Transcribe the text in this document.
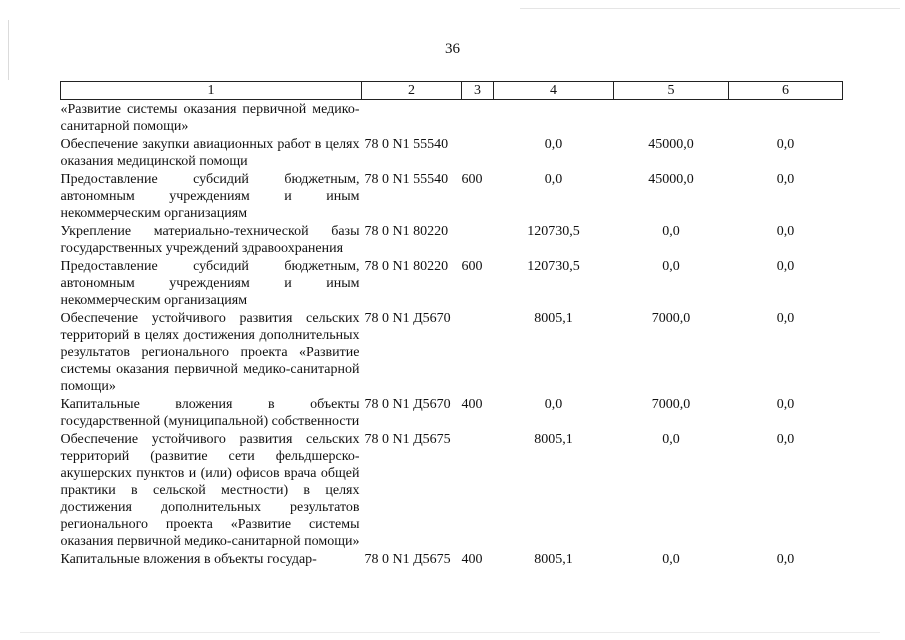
36
1	2	3	4	5	6
«Развитие системы оказания первичной медико-санитарной помощи»					
Обеспечение закупки авиационных работ в целях оказания медицинской помощи	78 0 N1 55540		0,0	45000,0	0,0
Предоставление субсидий бюджетным, автономным учреждениям и иным некоммерческим организациям	78 0 N1 55540	600	0,0	45000,0	0,0
Укрепление материально-технической базы государственных учреждений здравоохранения	78 0 N1 80220		120730,5	0,0	0,0
Предоставление субсидий бюджетным, автономным учреждениям и иным некоммерческим организациям	78 0 N1 80220	600	120730,5	0,0	0,0
Обеспечение устойчивого развития сельских территорий в целях достижения дополнительных результатов регионального проекта «Развитие системы оказания первичной медико-санитарной помощи»	78 0 N1 Д5670		8005,1	7000,0	0,0
Капитальные вложения в объекты государственной (муниципальной) собственности	78 0 N1 Д5670	400	0,0	7000,0	0,0
Обеспечение устойчивого развития сельских территорий (развитие сети фельдшерско-акушерских пунктов и (или) офисов врача общей практики в сельской местности) в целях достижения дополнительных результатов регионального проекта «Развитие системы оказания первичной медико-санитарной помощи»	78 0 N1 Д5675		8005,1	0,0	0,0
Капитальные вложения в объекты государ-	78 0 N1 Д5675	400	8005,1	0,0	0,0
